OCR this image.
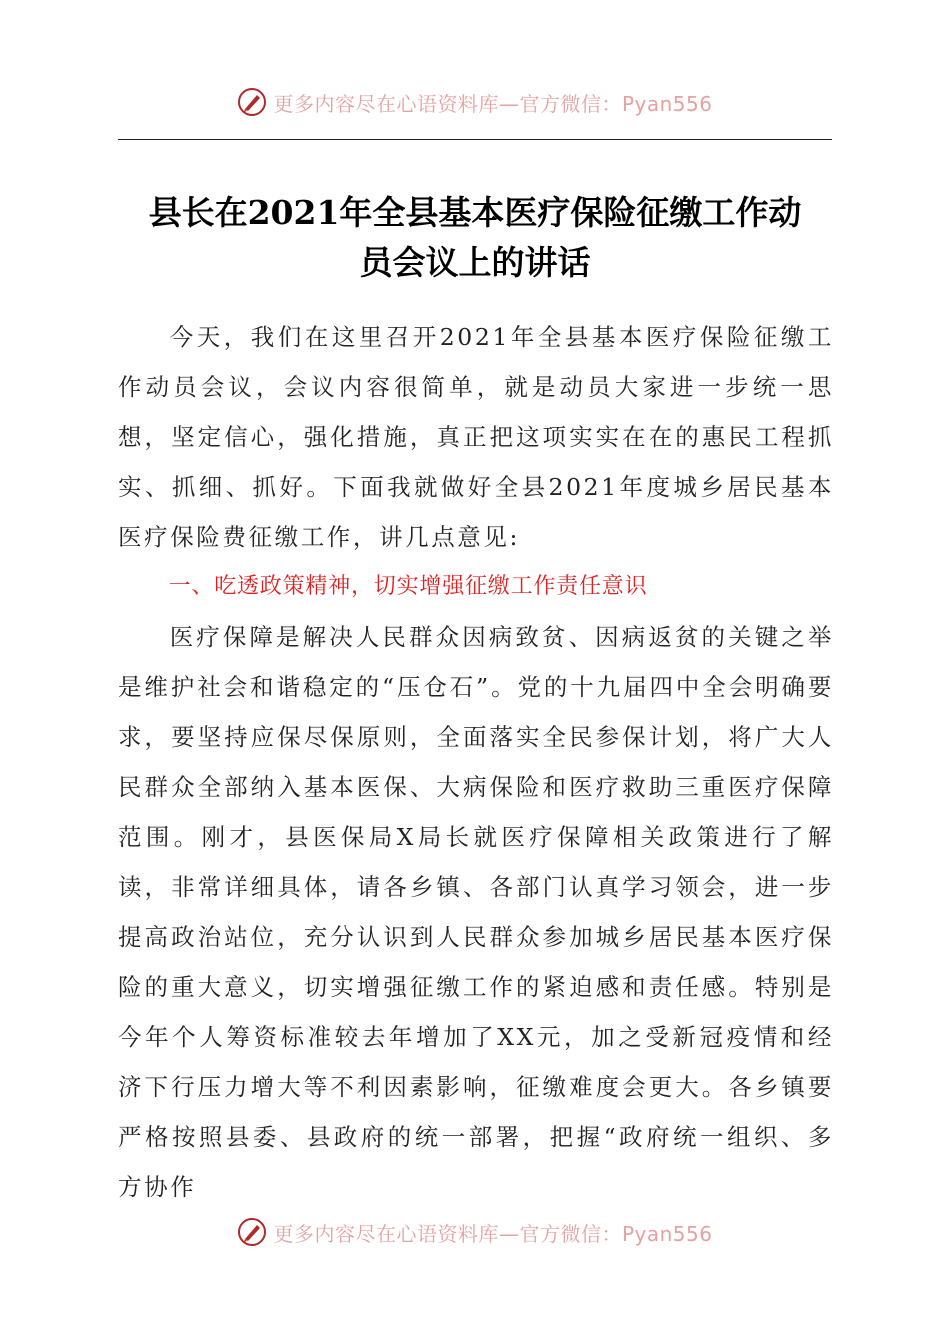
更多内容尽在心语资料库—官方微信：Pyan556
县长在2021年全县基本医疗保险征缴工作动
员会议上的讲话

今天，我们在这里召开2021年全县基本医疗保险征缴工作动员会议，会议内容很简单，就是动员大家进一步统一思想，坚定信心，强化措施，真正把这项实实在在的惠民工程抓实、抓细、抓好。下面我就做好全县2021年度城乡居民基本医疗保险费征缴工作，讲几点意见:

一、吃透政策精神，切实增强征缴工作责任意识

医疗保障是解决人民群众因病致贫、因病返贫的关键之举是维护社会和谐稳定的“压仓石”。党的十九届四中全会明确要求，要坚持应保尽保原则，全面落实全民参保计划，将广大人民群众全部纳入基本医保、大病保险和医疗救助三重医疗保障范围。刚才，县医保局X局长就医疗保障相关政策进行了解读，非常详细具体，请各乡镇、各部门认真学习领会，进一步提高政治站位，充分认识到人民群众参加城乡居民基本医疗保险的重大意义，切实增强征缴工作的紧迫感和责任感。特别是今年个人筹资标准较去年增加了XX元，加之受新冠疫情和经济下行压力增大等不利因素影响，征缴难度会更大。各乡镇要严格按照县委、县政府的统一部署，把握“政府统一组织、多方协作

更多内容尽在心语资料库—官方微信：Pyan556
